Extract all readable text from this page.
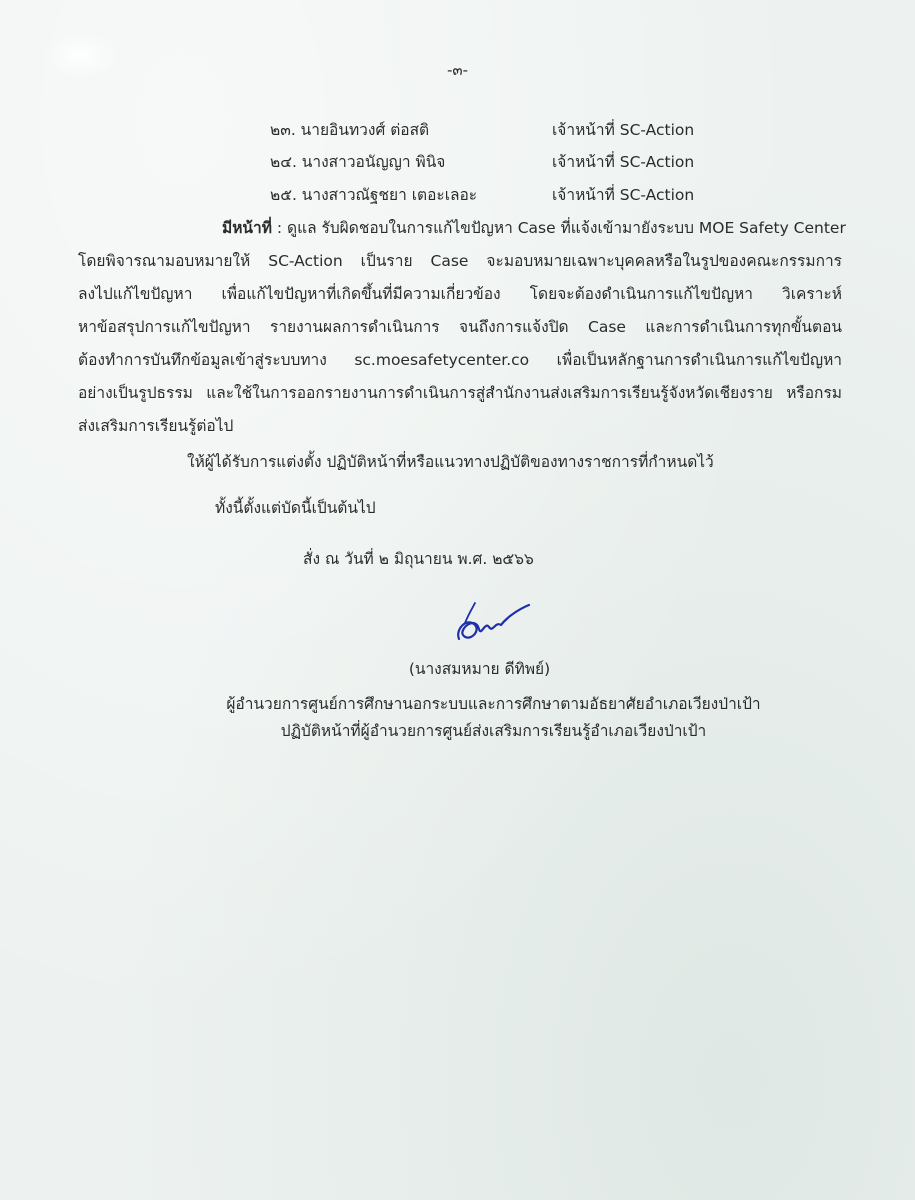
-๓-
๒๓. นายอินทวงศ์ ต่อสติ	เจ้าหน้าที่ SC-Action
๒๔. นางสาวอนัญญา พินิจ	เจ้าหน้าที่ SC-Action
๒๕. นางสาวณัฐชยา เตอะเลอะ	เจ้าหน้าที่ SC-Action
มีหน้าที่ : ดูแล รับผิดชอบในการแก้ไขปัญหา Case ที่แจ้งเข้ามายังระบบ MOE Safety Center
โดยพิจารณามอบหมายให้ SC-Action เป็นราย Case จะมอบหมายเฉพาะบุคคลหรือในรูปของคณะกรรมการ
ลงไปแก้ไขปัญหา เพื่อแก้ไขปัญหาที่เกิดขึ้นที่มีความเกี่ยวข้อง โดยจะต้องดำเนินการแก้ไขปัญหา วิเคราะห์
หาข้อสรุปการแก้ไขปัญหา รายงานผลการดำเนินการ จนถึงการแจ้งปิด Case และการดำเนินการทุกขั้นตอน
ต้องทำการบันทึกข้อมูลเข้าสู่ระบบทาง sc.moesafetycenter.co เพื่อเป็นหลักฐานการดำเนินการแก้ไขปัญหา
อย่างเป็นรูปธรรม และใช้ในการออกรายงานการดำเนินการสู่สำนักงานส่งเสริมการเรียนรู้จังหวัดเชียงราย หรือกรม
ส่งเสริมการเรียนรู้ต่อไป
ให้ผู้ได้รับการแต่งตั้ง ปฏิบัติหน้าที่หรือแนวทางปฏิบัติของทางราชการที่กำหนดไว้
ทั้งนี้ตั้งแต่บัดนี้เป็นต้นไป
สั่ง ณ วันที่ ๒ มิถุนายน พ.ศ. ๒๕๖๖
(นางสมหมาย ดีทิพย์)
ผู้อำนวยการศูนย์การศึกษานอกระบบและการศึกษาตามอัธยาศัยอำเภอเวียงป่าเป้า
ปฏิบัติหน้าที่ผู้อำนวยการศูนย์ส่งเสริมการเรียนรู้อำเภอเวียงป่าเป้า
